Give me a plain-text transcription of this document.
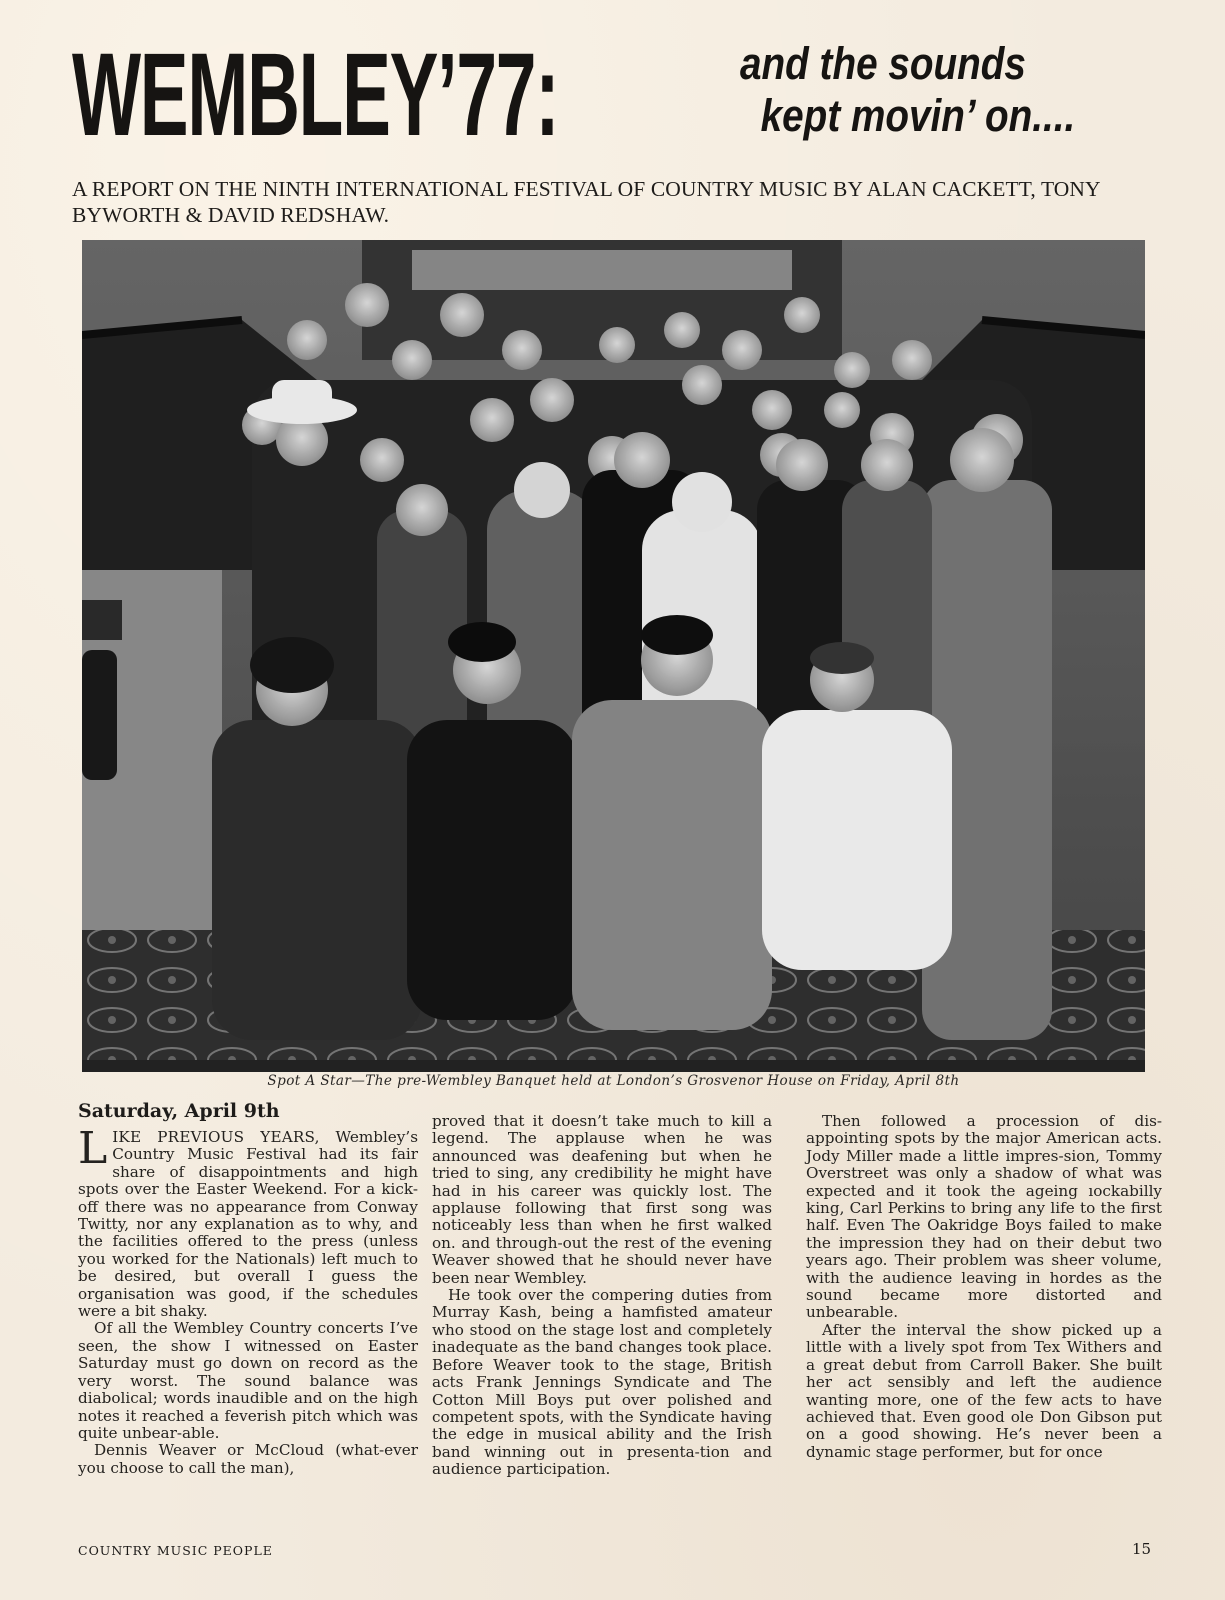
WEMBLEY’77:	and the sounds
kept movin’ on....
A REPORT ON THE NINTH INTERNATIONAL FESTIVAL OF COUNTRY MUSIC BY ALAN CACKETT, TONY BYWORTH & DAVID REDSHAW.
Spot A Star—The pre-Wembley Banquet held at London’s Grosvenor House on Friday, April 8th
Saturday, April 9th

LIKE PREVIOUS YEARS, Wembley’s Country Music Festival had its fair share of disappointments and high spots over the Easter Weekend. For a kick-off there was no appearance from Conway Twitty, nor any explanation as to why, and the facilities offered to the press (unless you worked for the Nationals) left much to be desired, but overall I guess the organisation was good, if the schedules were a bit shaky.

Of all the Wembley Country concerts I’ve seen, the show I witnessed on Easter Saturday must go down on record as the very worst. The sound balance was diabolical; words inaudible and on the high notes it reached a feverish pitch which was quite unbear-able.

Dennis Weaver or McCloud (what-ever you choose to call the man),

proved that it doesn’t take much to kill a legend. The applause when he was announced was deafening but when he tried to sing, any credibility he might have had in his career was quickly lost. The applause following that first song was noticeably less than when he first walked on. and through-out the rest of the evening Weaver showed that he should never have been near Wembley.

He took over the compering duties from Murray Kash, being a hamfisted amateur who stood on the stage lost and completely inadequate as the band changes took place. Before Weaver took to the stage, British acts Frank Jennings Syndicate and The Cotton Mill Boys put over polished and competent spots, with the Syndicate having the edge in musical ability and the Irish band winning out in presenta-tion and audience participation.

Then followed a procession of dis-appointing spots by the major American acts. Jody Miller made a little impres-sion, Tommy Overstreet was only a shadow of what was expected and it took the ageing ıockabilly king, Carl Perkins to bring any life to the first half. Even The Oakridge Boys failed to make the impression they had on their debut two years ago. Their problem was sheer volume, with the audience leaving in hordes as the sound became more distorted and unbearable.

After the interval the show picked up a little with a lively spot from Tex Withers and a great debut from Carroll Baker. She built her act sensibly and left the audience wanting more, one of the few acts to have achieved that. Even good ole Don Gibson put on a good showing. He’s never been a dynamic stage performer, but for once

COUNTRY MUSIC PEOPLE	15
